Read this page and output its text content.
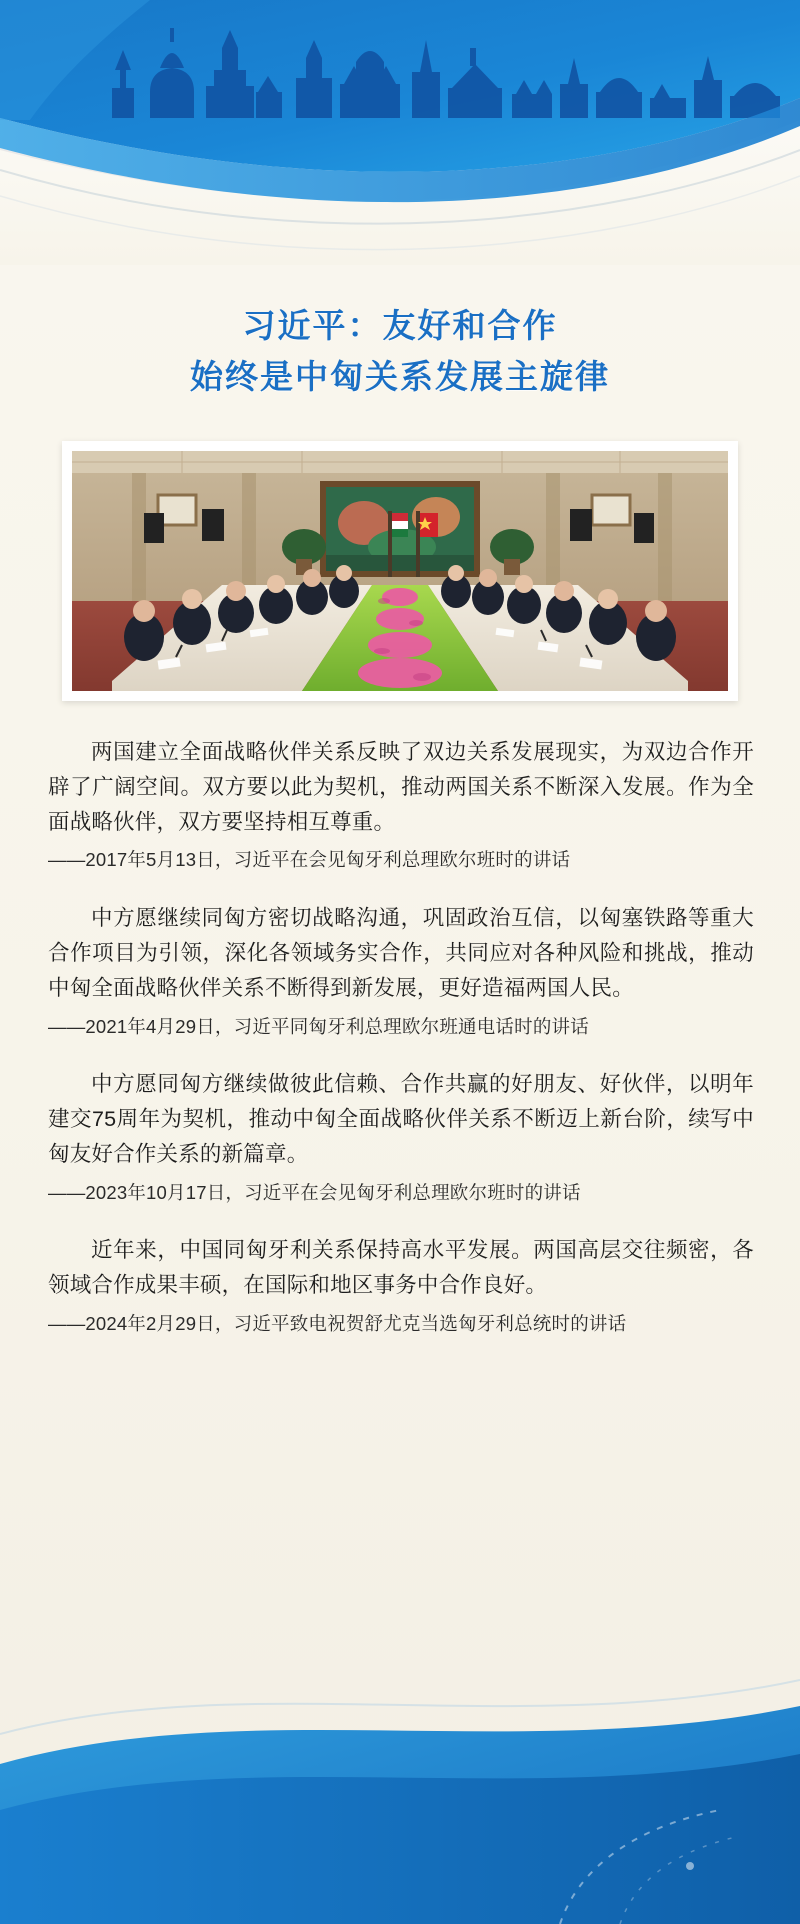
习近平：友好和合作
始终是中匈关系发展主旋律
两国建立全面战略伙伴关系反映了双边关系发展现实，为双边合作开辟了广阔空间。双方要以此为契机，推动两国关系不断深入发展。作为全面战略伙伴，双方要坚持相互尊重。
——2017年5月13日，习近平在会见匈牙利总理欧尔班时的讲话
中方愿继续同匈方密切战略沟通，巩固政治互信，以匈塞铁路等重大合作项目为引领，深化各领域务实合作，共同应对各种风险和挑战，推动中匈全面战略伙伴关系不断得到新发展，更好造福两国人民。
——2021年4月29日，习近平同匈牙利总理欧尔班通电话时的讲话
中方愿同匈方继续做彼此信赖、合作共赢的好朋友、好伙伴，以明年建交75周年为契机，推动中匈全面战略伙伴关系不断迈上新台阶，续写中匈友好合作关系的新篇章。
——2023年10月17日，习近平在会见匈牙利总理欧尔班时的讲话
近年来，中国同匈牙利关系保持高水平发展。两国高层交往频密，各领域合作成果丰硕，在国际和地区事务中合作良好。
——2024年2月29日，习近平致电祝贺舒尤克当选匈牙利总统时的讲话
